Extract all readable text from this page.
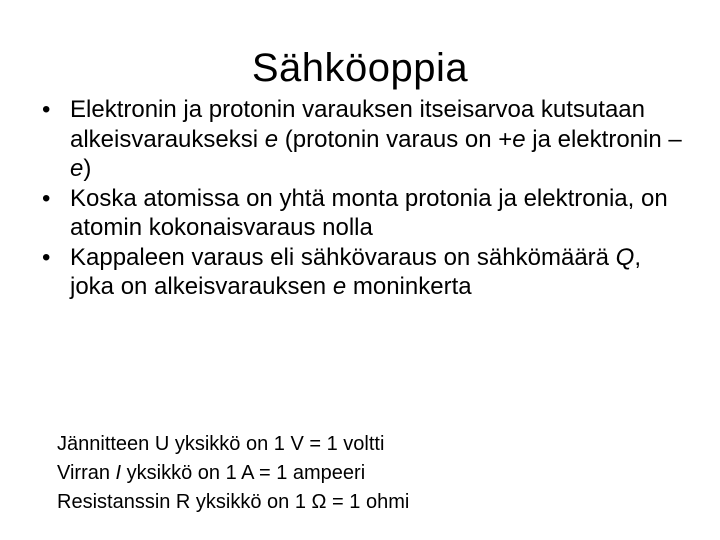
Sähköoppia
• Elektronin ja protonin varauksen itseisarvoa kutsutaan alkeisvaraukseksi e (protonin varaus on +e ja elektronin –e)
• Koska atomissa on yhtä monta protonia ja elektronia, on atomin kokonaisvaraus nolla
• Kappaleen varaus eli sähkövaraus on sähkömäärä Q, joka on alkeisvarauksen e moninkerta
Jännitteen U yksikkö on 1 V = 1 voltti
Virran I yksikkö on 1 A = 1 ampeeri
Resistanssin R yksikkö on 1 Ω = 1 ohmi
